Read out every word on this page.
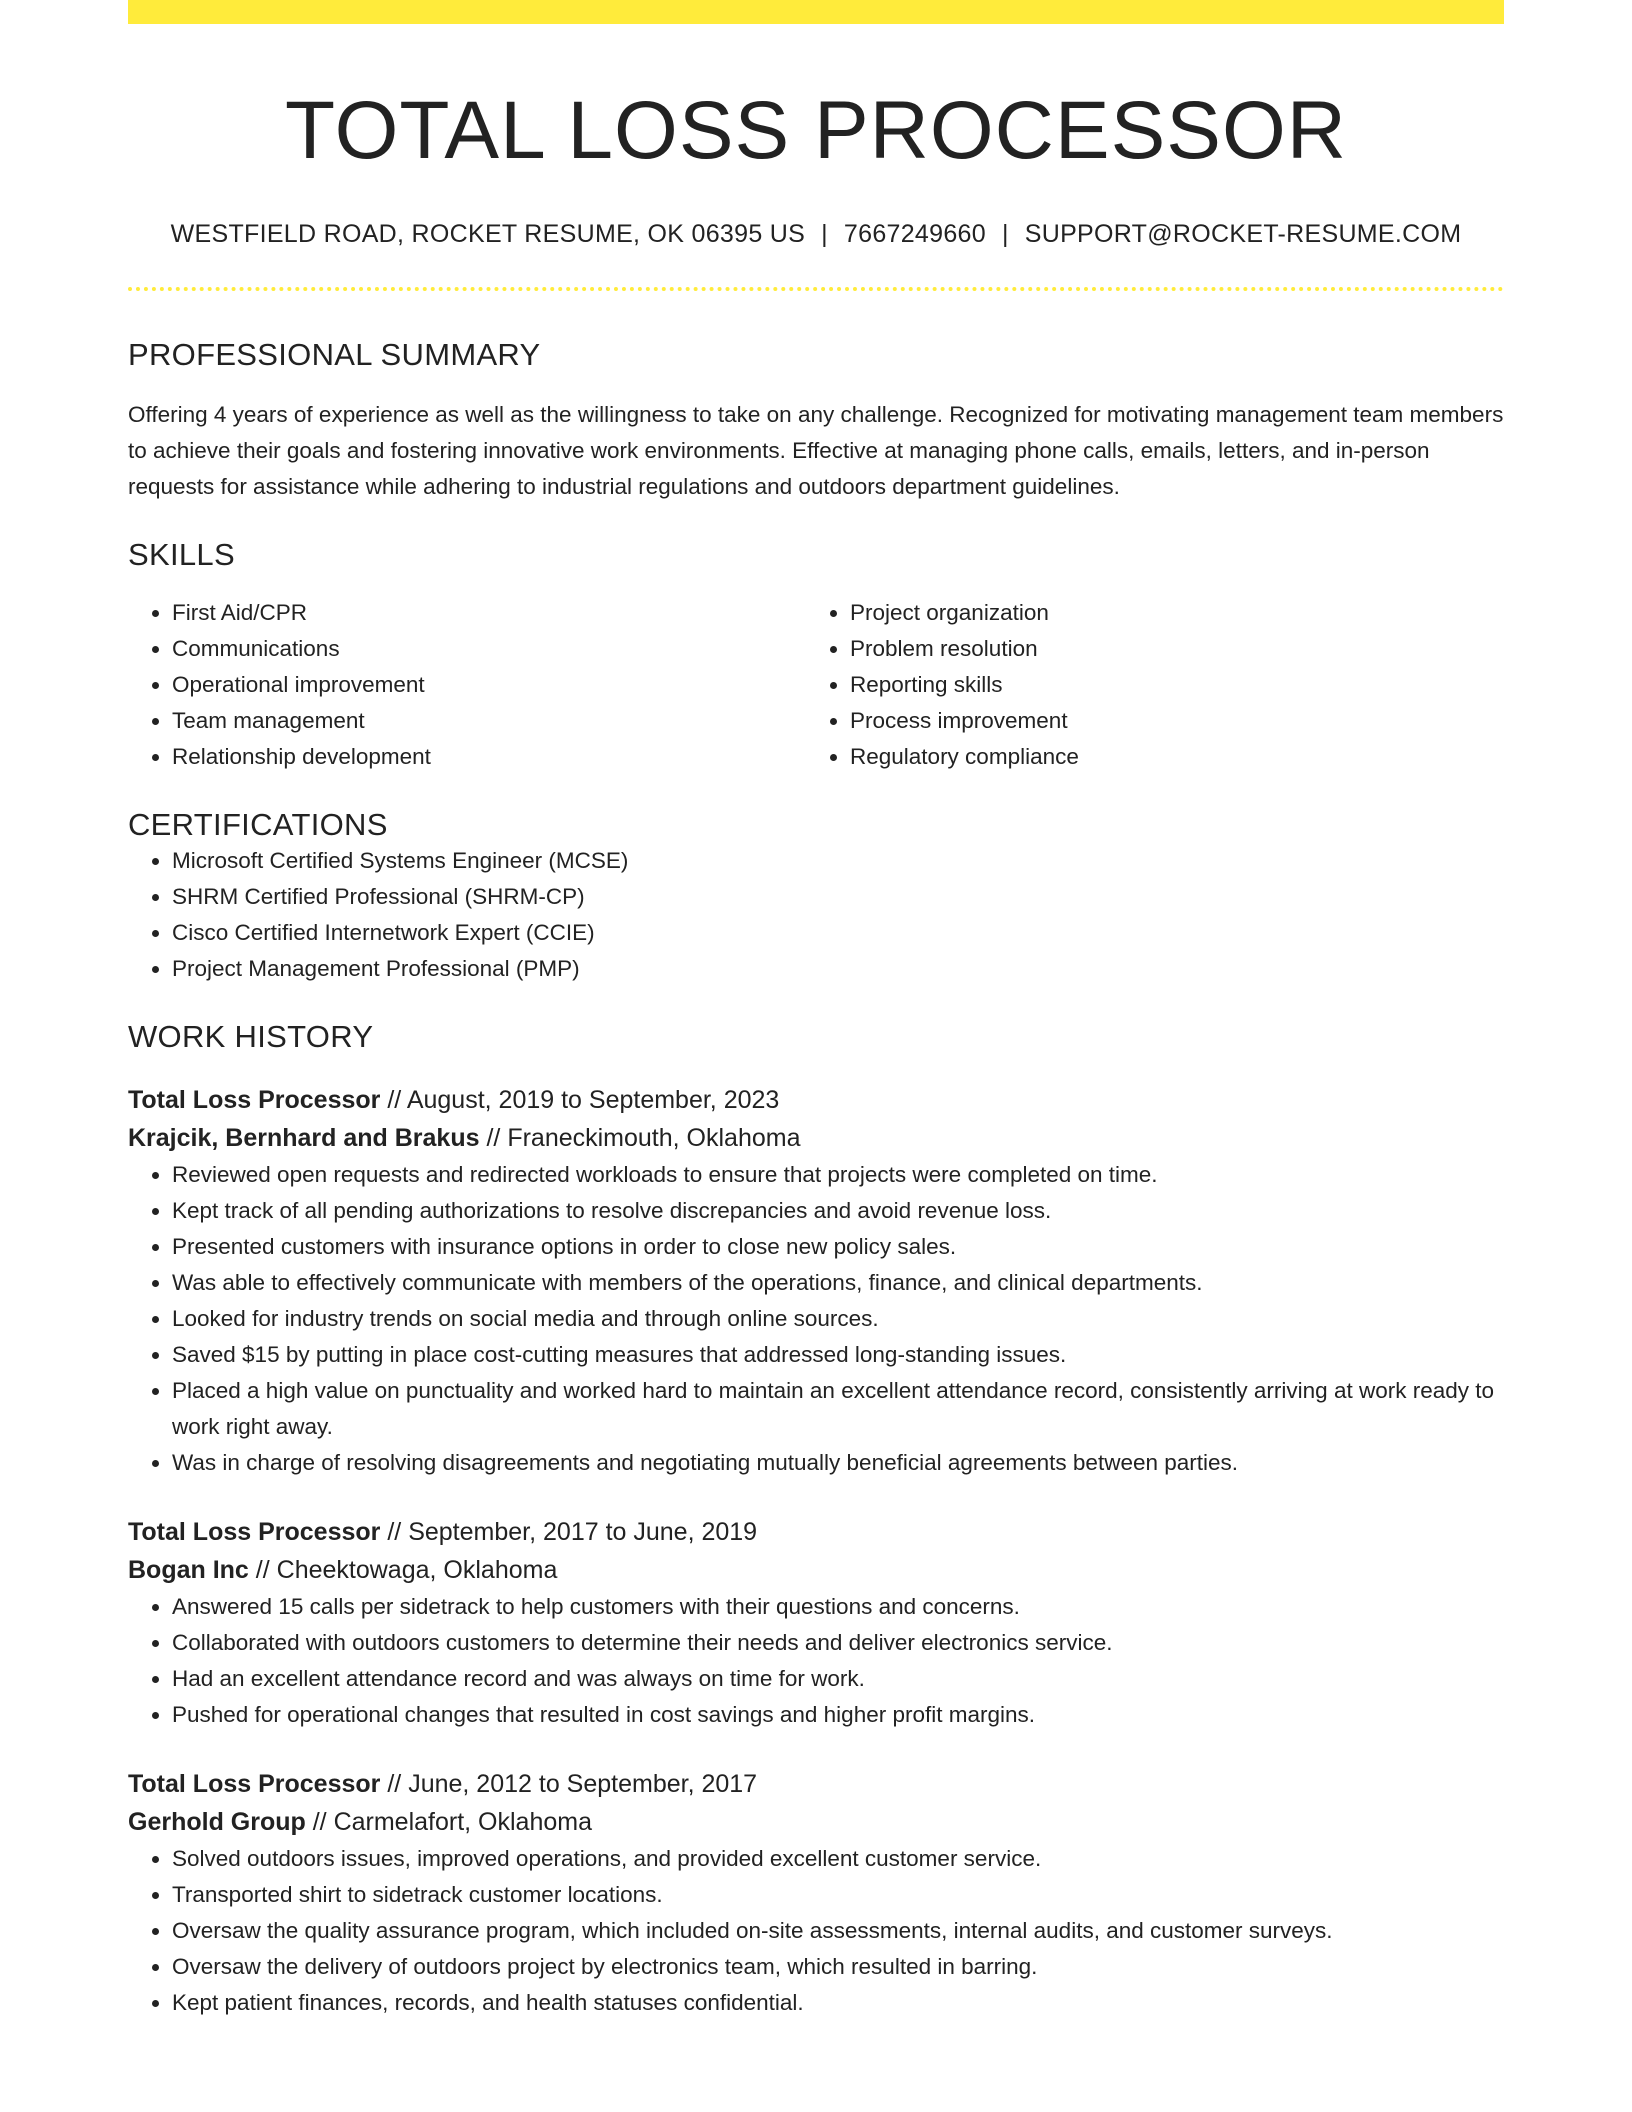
TOTAL LOSS PROCESSOR
WESTFIELD ROAD, ROCKET RESUME, OK 06395 US | 7667249660 | SUPPORT@ROCKET-RESUME.COM
PROFESSIONAL SUMMARY

Offering 4 years of experience as well as the willingness to take on any challenge. Recognized for motivating management team members to achieve their goals and fostering innovative work environments. Effective at managing phone calls, emails, letters, and in-person requests for assistance while adhering to industrial regulations and outdoors department guidelines.

SKILLS
• First Aid/CPR
• Communications
• Operational improvement
• Team management
• Relationship development
• Project organization
• Problem resolution
• Reporting skills
• Process improvement
• Regulatory compliance
CERTIFICATIONS
• Microsoft Certified Systems Engineer (MCSE)
• SHRM Certified Professional (SHRM-CP)
• Cisco Certified Internetwork Expert (CCIE)
• Project Management Professional (PMP)
WORK HISTORY
Total Loss Processor // August, 2019 to September, 2023
Krajcik, Bernhard and Brakus // Franeckimouth, Oklahoma
• Reviewed open requests and redirected workloads to ensure that projects were completed on time.
• Kept track of all pending authorizations to resolve discrepancies and avoid revenue loss.
• Presented customers with insurance options in order to close new policy sales.
• Was able to effectively communicate with members of the operations, finance, and clinical departments.
• Looked for industry trends on social media and through online sources.
• Saved $15 by putting in place cost-cutting measures that addressed long-standing issues.
• Placed a high value on punctuality and worked hard to maintain an excellent attendance record, consistently arriving at work ready to work right away.
• Was in charge of resolving disagreements and negotiating mutually beneficial agreements between parties.
Total Loss Processor // September, 2017 to June, 2019
Bogan Inc // Cheektowaga, Oklahoma
• Answered 15 calls per sidetrack to help customers with their questions and concerns.
• Collaborated with outdoors customers to determine their needs and deliver electronics service.
• Had an excellent attendance record and was always on time for work.
• Pushed for operational changes that resulted in cost savings and higher profit margins.
Total Loss Processor // June, 2012 to September, 2017
Gerhold Group // Carmelafort, Oklahoma
• Solved outdoors issues, improved operations, and provided excellent customer service.
• Transported shirt to sidetrack customer locations.
• Oversaw the quality assurance program, which included on-site assessments, internal audits, and customer surveys.
• Oversaw the delivery of outdoors project by electronics team, which resulted in barring.
• Kept patient finances, records, and health statuses confidential.
